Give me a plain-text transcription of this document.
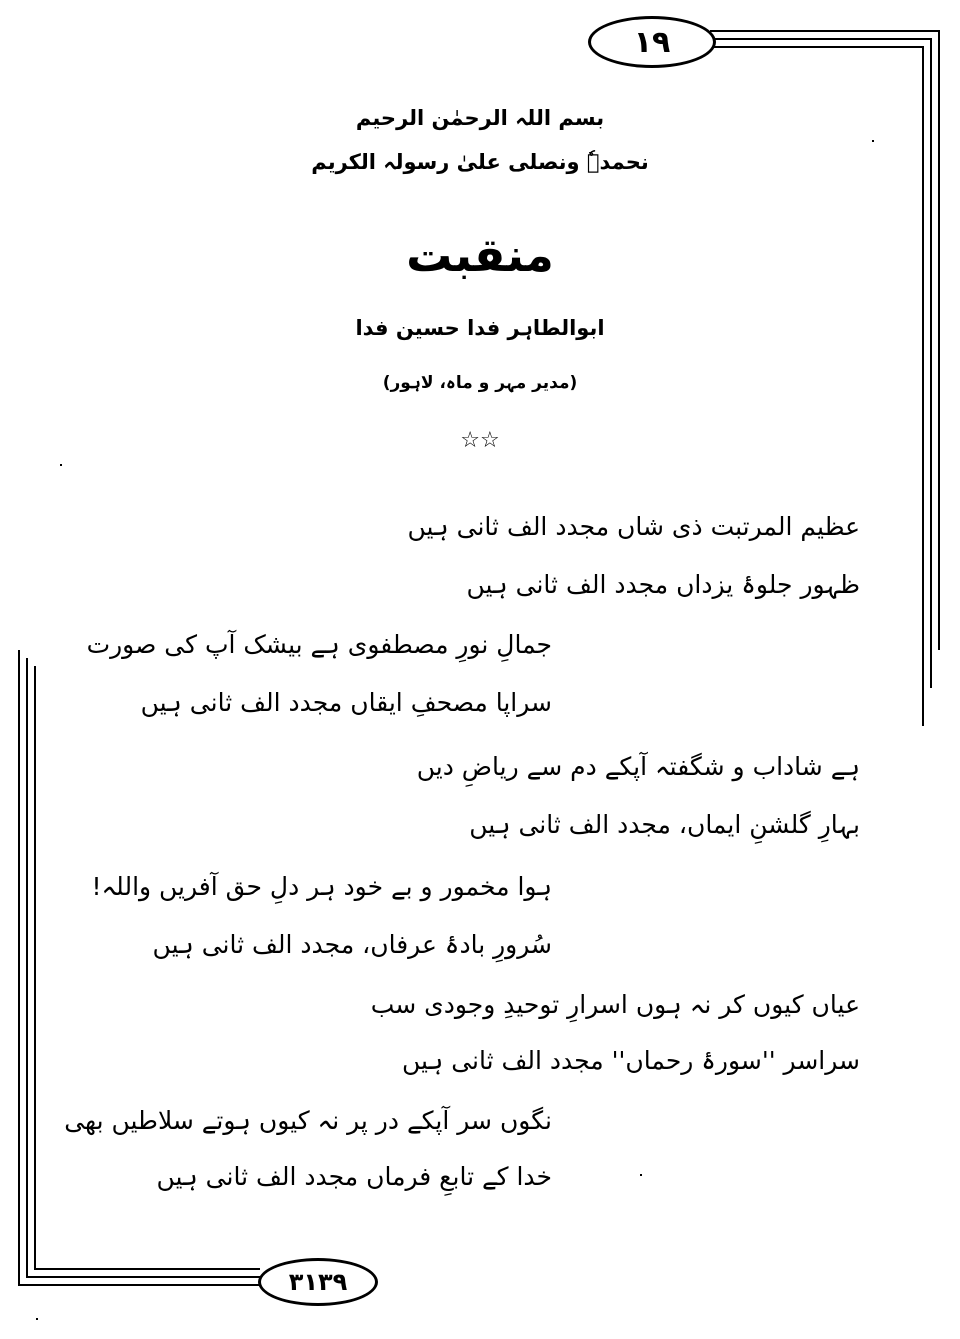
١٩
٣١٣٩
بسم اللہ الرحمٰن الرحیم
نحمدہٗ ونصلی علیٰ رسولہ الکریم
منقبت
ابوالطاہر فدا حسین فدا
(مدیر مہر و ماہ، لاہور)
☆☆
عظیم المرتبت ذی شاں مجدد الف ثانی ہیں
ظہور جلوۂ یزداں مجدد الف ثانی ہیں
جمالِ نورِ مصطفوی ہے بیشک آپ کی صورت
سراپا مصحفِ ایقاں مجدد الف ثانی ہیں
ہے شاداب و شگفتہ آپکے دم سے ریاضِ دیں
بہارِ گلشنِ ایماں، مجدد الف ثانی ہیں
ہوا مخمور و بے خود ہر دلِ حق آفریں واللہ!
سُرورِ بادۂ عرفاں، مجدد الف ثانی ہیں
عیاں کیوں کر نہ ہوں اسرارِ توحیدِ وجودی سب
سراسر ''سورۂ رحماں'' مجدد الف ثانی ہیں
نگوں سر آپکے در پر نہ کیوں ہوتے سلاطیں بھی
خدا کے تابعِ فرماں مجدد الف ثانی ہیں
